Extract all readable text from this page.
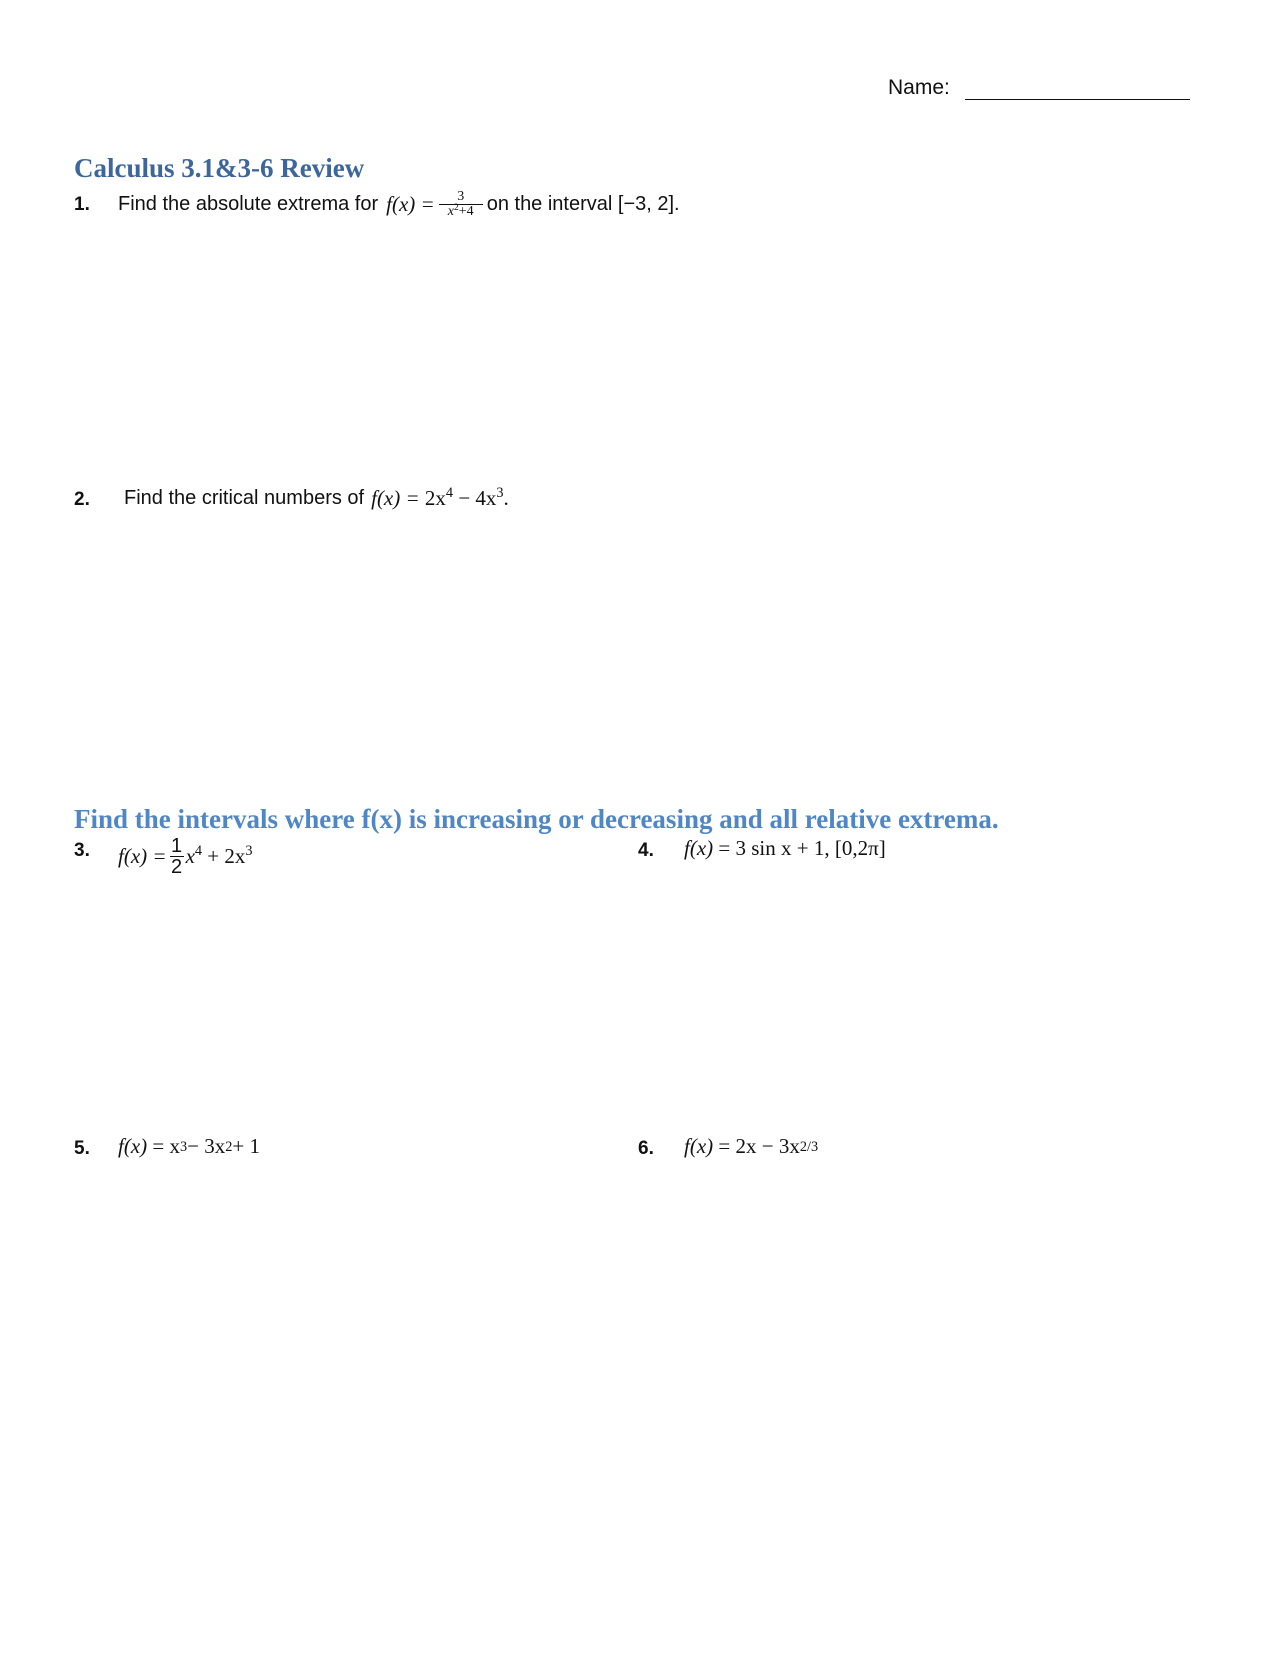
Name:
Calculus 3.1&3-6 Review
1. Find the absolute extrema for $f(x) = \frac{3}{x^2+4}$ on the interval [−3, 2].
2. Find the critical numbers of $f(x) = 2x^4 - 4x^3$.
Find the intervals where f(x) is increasing or decreasing and all relative extrema.
3. $f(x) = \frac{1}{2} x^4 + 2x^3$	4. f(x)
= 3 sin x + 1, [0,2π]
5. f(x)
= x 3 − 3x 2 + 1	6. f(x)
= 2x − 3x 2/3
